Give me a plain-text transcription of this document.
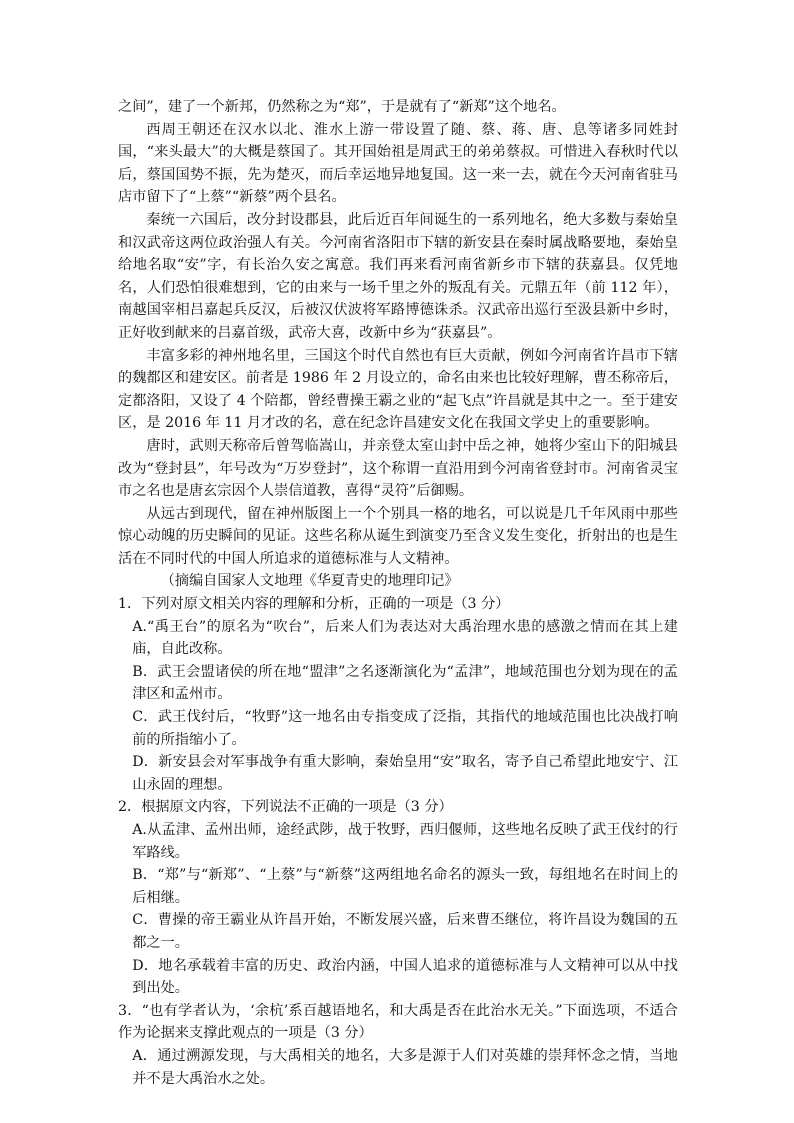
之间”，建了一个新邦，仍然称之为“郑”，于是就有了“新郑”这个地名。

西周王朝还在汉水以北、淮水上游一带设置了随、蔡、蒋、唐、息等诸多同姓封国，“来头最大”的大概是蔡国了。其开国始祖是周武王的弟弟蔡叔。可惜进入春秋时代以后，蔡国国势不振，先为楚灭，而后幸运地异地复国。这一来一去，就在今天河南省驻马店市留下了“上蔡”“新蔡”两个县名。

秦统一六国后，改分封设郡县，此后近百年间诞生的一系列地名，绝大多数与秦始皇和汉武帝这两位政治强人有关。今河南省洛阳市下辖的新安县在秦时属战略要地，秦始皇给地名取“安”字，有长治久安之寓意。我们再来看河南省新乡市下辖的获嘉县。仅凭地名，人们恐怕很难想到，它的由来与一场千里之外的叛乱有关。元鼎五年（前 112 年），南越国宰相吕嘉起兵反汉，后被汉伏波将军路博德诛杀。汉武帝出巡行至汲县新中乡时，正好收到献来的吕嘉首级，武帝大喜，改新中乡为“获嘉县”。

丰富多彩的神州地名里，三国这个时代自然也有巨大贡献，例如今河南省许昌市下辖的魏都区和建安区。前者是 1986 年 2 月设立的，命名由来也比较好理解，曹丕称帝后，定都洛阳，又设了 4 个陪都，曾经曹操王霸之业的“起飞点”许昌就是其中之一。至于建安区，是 2016 年 11 月才改的名，意在纪念许昌建安文化在我国文学史上的重要影响。

唐时，武则天称帝后曾驾临嵩山，并亲登太室山封中岳之神，她将少室山下的阳城县改为“登封县”，年号改为“万岁登封”，这个称谓一直沿用到今河南省登封市。河南省灵宝市之名也是唐玄宗因个人崇信道教，喜得“灵符”后御赐。

从远古到现代，留在神州版图上一个个别具一格的地名，可以说是几千年风雨中那些惊心动魄的历史瞬间的见证。这些名称从诞生到演变乃至含义发生变化，折射出的也是生活在不同时代的中国人所追求的道德标准与人文精神。

（摘编自国家人文地理《华夏青史的地理印记》

1．下列对原文相关内容的理解和分析，正确的一项是（3 分）

A.“禹王台”的原名为“吹台”，后来人们为表达对大禹治理水患的感激之情而在其上建庙，自此改称。

B．武王会盟诸侯的所在地“盟津”之名逐渐演化为“孟津”，地域范围也分划为现在的孟津区和孟州市。

C．武王伐纣后，“牧野”这一地名由专指变成了泛指，其指代的地域范围也比决战打响前的所指缩小了。

D．新安县会对军事战争有重大影响，秦始皇用“安”取名，寄予自己希望此地安宁、江山永固的理想。

2．根据原文内容，下列说法不正确的一项是（3 分）

A.从孟津、孟州出师，途经武陟，战于牧野，西归偃师，这些地名反映了武王伐纣的行军路线。

B．“郑”与“新郑”、“上蔡”与“新蔡”这两组地名命名的源头一致，每组地名在时间上的后相继。

C．曹操的帝王霸业从许昌开始，不断发展兴盛，后来曹丕继位，将许昌设为魏国的五都之一。

D．地名承载着丰富的历史、政治内涵，中国人追求的道德标准与人文精神可以从中找到出处。

3．“也有学者认为，‘余杭’系百越语地名，和大禹是否在此治水无关。”下面选项，不适合作为论据来支撑此观点的一项是（3 分）

A．通过溯源发现，与大禹相关的地名，大多是源于人们对英雄的崇拜怀念之情，当地并不是大禹治水之处。
